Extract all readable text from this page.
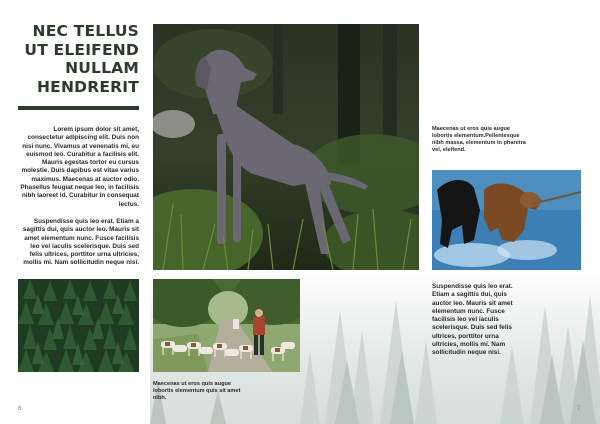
NEC TELLUS UT ELEIFEND NULLAM HENDRERIT
Lorem ipsum dolor sit amet, consectetur adipiscing elit. Duis non nisi nunc. Vivamus at venenatis mi, eu euismod leo. Curabitur a facilisis elit. Mauris egestas tortor eu cursus molestie. Duis dapibus est vitae varius maximus. Maecenas at auctor odio. Phasellus feugiat neque leo, in facilisis nibh laoreet id. Curabitur in consequat lectus.
Suspendisse quis leo erat. Etiam a sagittis dui, quis auctor leo. Mauris sit amet elementum nunc. Fusce facilisis leo vel iaculis scelerisque. Duis sed felis ultrices, porttitor urna ultricies, mollis mi. Nam sollicitudin neque nisi.
Maecenas ut eros quis augue lobortis elementum.Pellentesque nibh massa, elementum in pharetra vel, eleifend.
Maecenas ut eros quis augue lobortis elementum quis sit amet nibh.
Suspendisse quis leo erat. Etiam a sagittis dui, quis auctor leo. Mauris sit amet elementum nunc. Fusce facilisis leo vel iaculis scelerisque. Duis sed felis ultrices, porttitor urna ultricies, mollis mi. Nam sollicitudin neque nisi.
6	7
